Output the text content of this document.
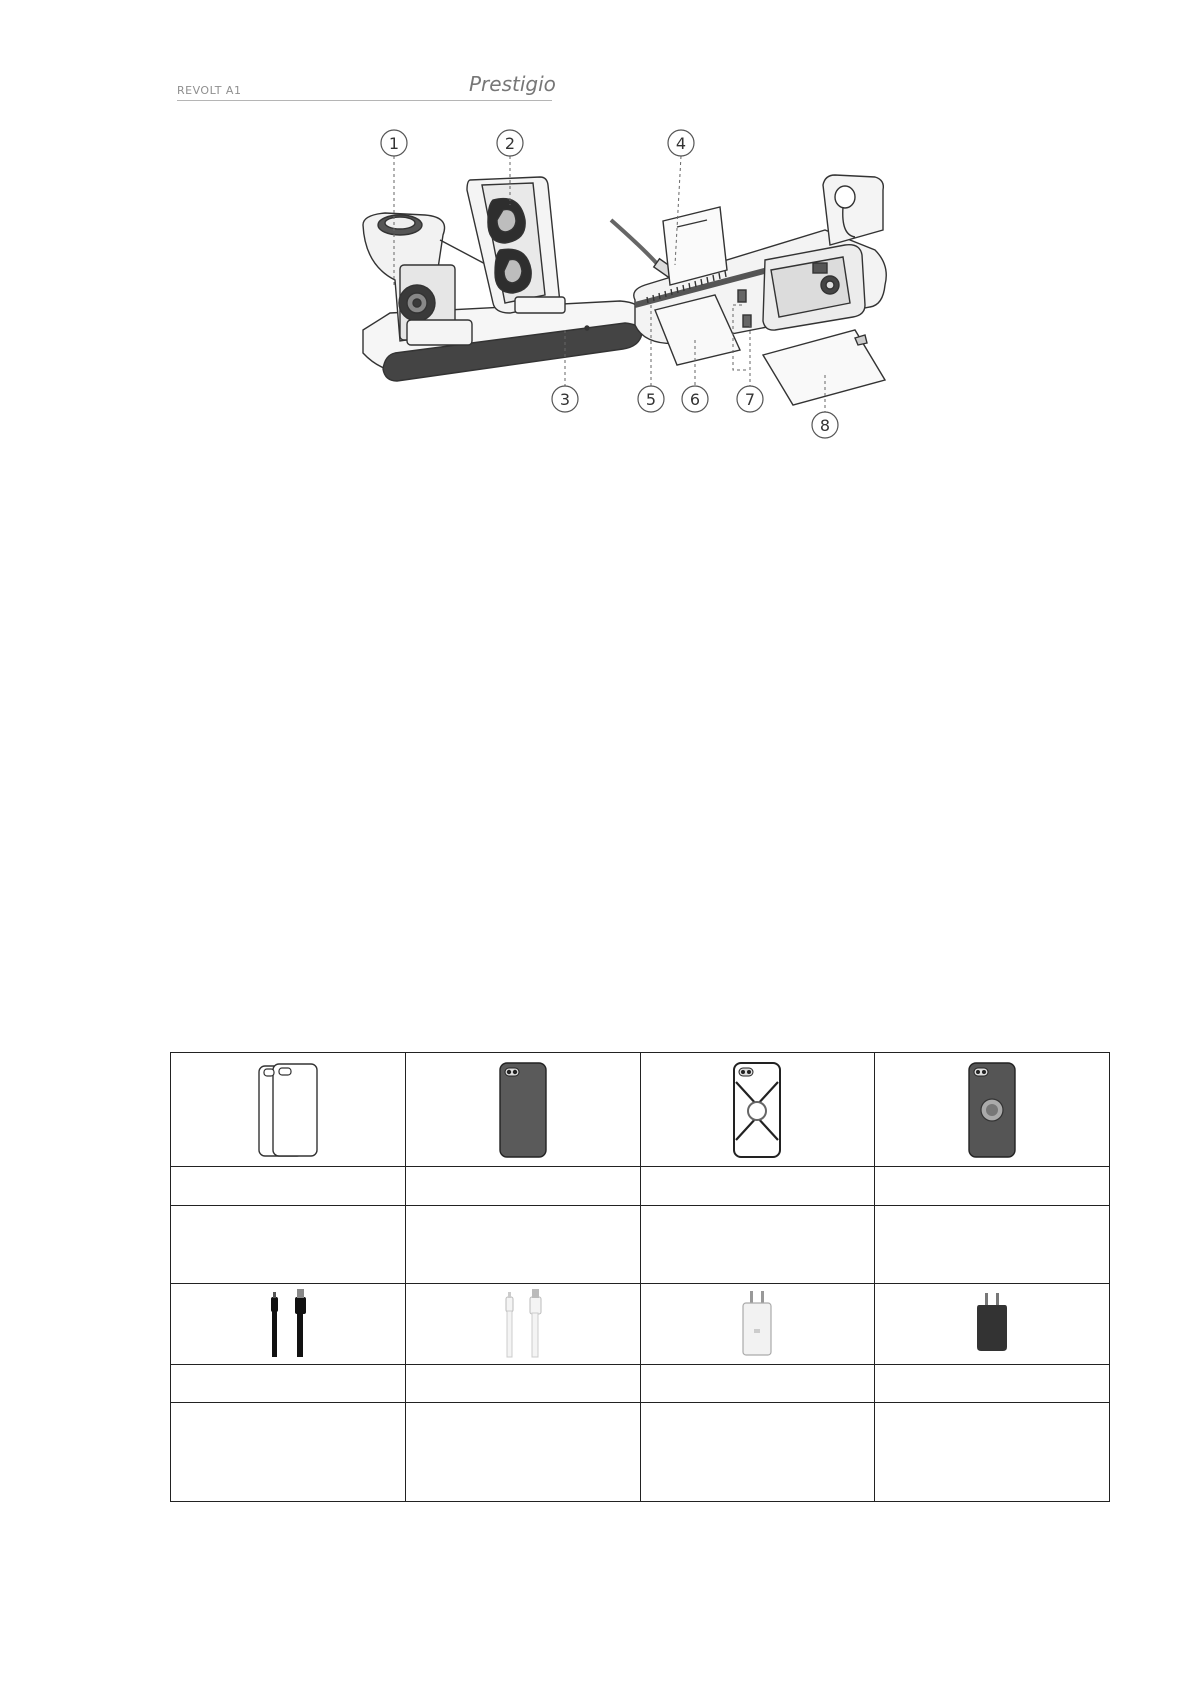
REVOLT A1	Prestigio
1	2
3
4
5 6	7
8
